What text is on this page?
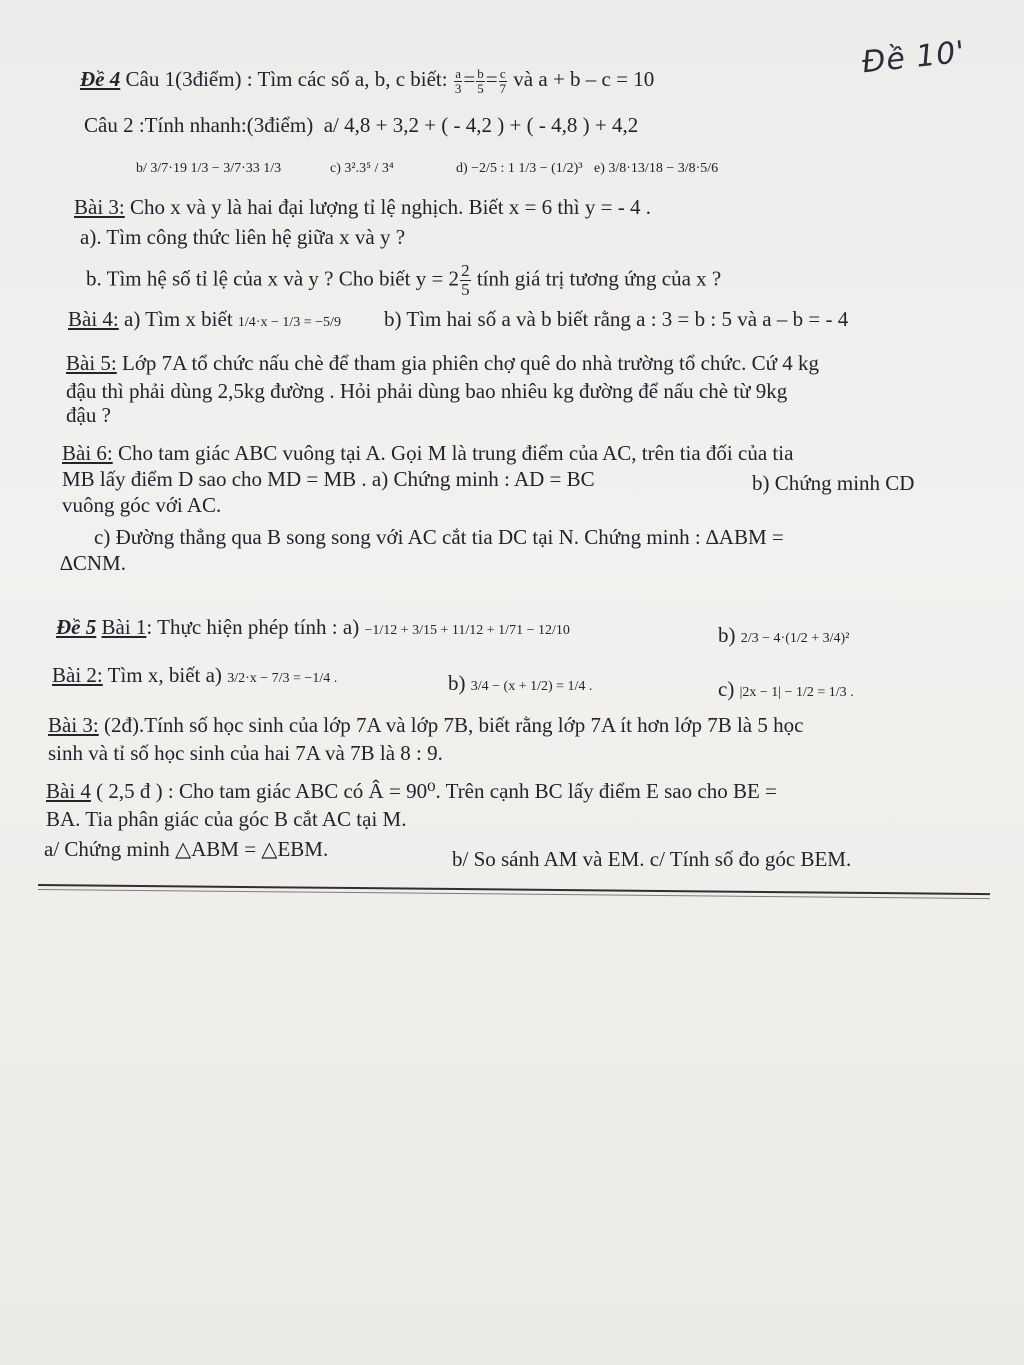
Đề 10'
Đề 4 Câu 1(3điểm) : Tìm các số a, b, c biết: $\frac{a}{3} = \frac{b}{5} = \frac{c}{7}$ và a + b – c = 10
Câu 2 :Tính nhanh:(3điểm) a/ 4,8 + 3,2 + ( - 4,2 ) + ( - 4,8 ) + 4,2
b/ 3/7·19 1/3 − 3/7·33 1/3	c) 3².3⁵ / 3⁴	d) −2/5 : 1 1/3 − (1/2)³ e) 3/8·13/18 − 3/8·5/6
Bài 3: Cho x và y là hai đại lượng tỉ lệ nghịch. Biết x = 6 thì y = - 4 .
a). Tìm công thức liên hệ giữa x và y ?
b. Tìm hệ số tỉ lệ của x và y ? Cho biết $y = 2 \frac{2}{5}$ tính giá trị tương ứng của x ?
Bài 4: a) Tìm x biết 1/4·x − 1/3 = −5/9 b) Tìm hai số a và b biết rằng a : 3 = b : 5 và a – b = - 4
Bài 5: Lớp 7A tổ chức nấu chè để tham gia phiên chợ quê do nhà trường tổ chức. Cứ 4 kg
đậu thì phải dùng 2,5kg đường . Hỏi phải dùng bao nhiêu kg đường để nấu chè từ 9kg
đậu ?
Bài 6: Cho tam giác ABC vuông tại A. Gọi M là trung điểm của AC, trên tia đối của tia
MB lấy điểm D sao cho MD = MB . a) Chứng minh : AD = BC	b) Chứng minh CD
vuông góc với AC.
c) Đường thẳng qua B song song với AC cắt tia DC tại N. Chứng minh : ∆ABM =
∆CNM.
Đề 5 Bài 1: Thực hiện phép tính : a) −1/12 + 3/15 + 11/12 + 1/71 − 12/10	b) 2/3 − 4·(1/2 + 3/4)²
Bài 2: Tìm x, biết a) 3/2·x − 7/3 = −1/4 .	b) 3/4 − (x + 1/2) = 1/4 .	c) |2x − 1| − 1/2 = 1/3 .
Bài 3: (2đ).Tính số học sinh của lớp 7A và lớp 7B, biết rằng lớp 7A ít hơn lớp 7B là 5 học
sinh và tỉ số học sinh của hai 7A và 7B là 8 : 9.
Bài 4 ( 2,5 đ ) : Cho tam giác ABC có Â = 90⁰. Trên cạnh BC lấy điểm E sao cho BE =
BA. Tia phân giác của góc B cắt AC tại M.
a/ Chứng minh △ABM = △EBM.	b/ So sánh AM và EM. c/ Tính số đo góc BEM.
